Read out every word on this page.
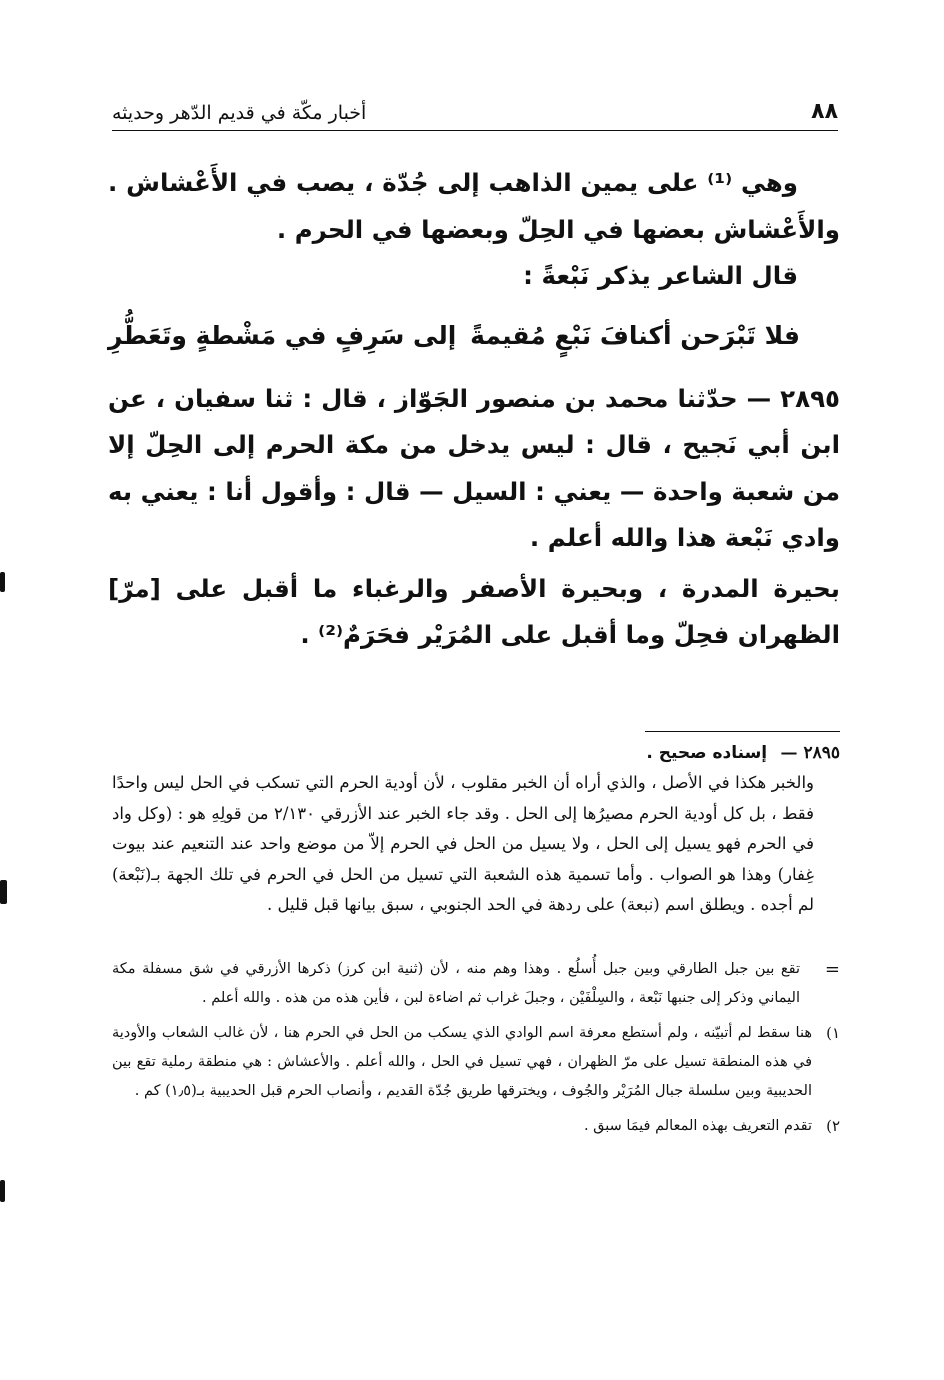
٨٨
أخبار مكّة في قديم الدّهر وحديثه

وهي ⁽¹⁾ على يمين الذاهب إلى جُدّة ، يصب في الأَعْشاش . والأَعْشاش بعضها في الحِلّ وبعضها في الحرم .

قال الشاعر يذكر نَبْعةً :

فلا تَبْرَحن أكنافَ نَبْعٍ مُقيمةً
إلى سَرِفٍ في مَشْطةٍ وتَعَطُّرِ

٢٨٩٥ — حدّثنا محمد بن منصور الجَوّاز ، قال : ثنا سفيان ، عن ابن أبي نَجيح ، قال : ليس يدخل من مكة الحرم إلى الحِلّ إلا من شعبة واحدة — يعني : السيل — قال : وأقول أنا : يعني به وادي نَبْعة هذا والله أعلم .

بحيرة المدرة ، وبحيرة الأصفر والرغباء ما أقبل على [مرّ] الظهران فحِلّ وما أقبل على المُرَيْر فحَرَمٌ⁽²⁾ .

٢٨٩٥ — إسناده صحيح .

والخبر هكذا في الأصل ، والذي أراه أن الخبر مقلوب ، لأن أودية الحرم التي تسكب في الحل ليس واحدًا فقط ، بل كل أودية الحرم مصيرُها إلى الحل . وقد جاء الخبر عند الأزرقي ٢/١٣٠ من قولِهِ هو : (وكل واد في الحرم فهو يسيل إلى الحل ، ولا يسيل من الحل في الحرم إلاّ من موضع واحد عند التنعيم عند بيوت غِفار) وهذا هو الصواب . وأما تسمية هذه الشعبة التي تسيل من الحل في الحرم في تلك الجهة بـ(نَبْعة) لم أجده . ويطلق اسم (نبعة) على ردهة في الحد الجنوبي ، سبق بيانها قبل قليل .

=

تقع بين جبل الطارقي وبين جبل أُسلُع . وهذا وهم منه ، لأن (ثنية ابن كرز) ذكرها الأزرقي في شق مسفلة مكة اليماني وذكر إلى جنبها نَبْعة ، والسِلْفَيْن ، وجبلَ غراب ثم اضاءة لبن ، فأين هذه من هذه . والله أعلم .

١)

هنا سقط لم أتبيّنه ، ولم أستطع معرفة اسم الوادي الذي يسكب من الحل في الحرم هنا ، لأن غالب الشعاب والأودية في هذه المنطقة تسيل على مرّ الظهران ، فهي تسيل في الحل ، والله أعلم . والأعشاش : هي منطقة رملية تقع بين الحديبية وبين سلسلة جبال المُرَيْر والجُوف ، ويخترقها طريق جُدّة القديم ، وأنصاب الحرم قبل الحديبية بـ(١٫٥) كم .

٢)

تقدم التعريف بهذه المعالم فيمَا سبق .
